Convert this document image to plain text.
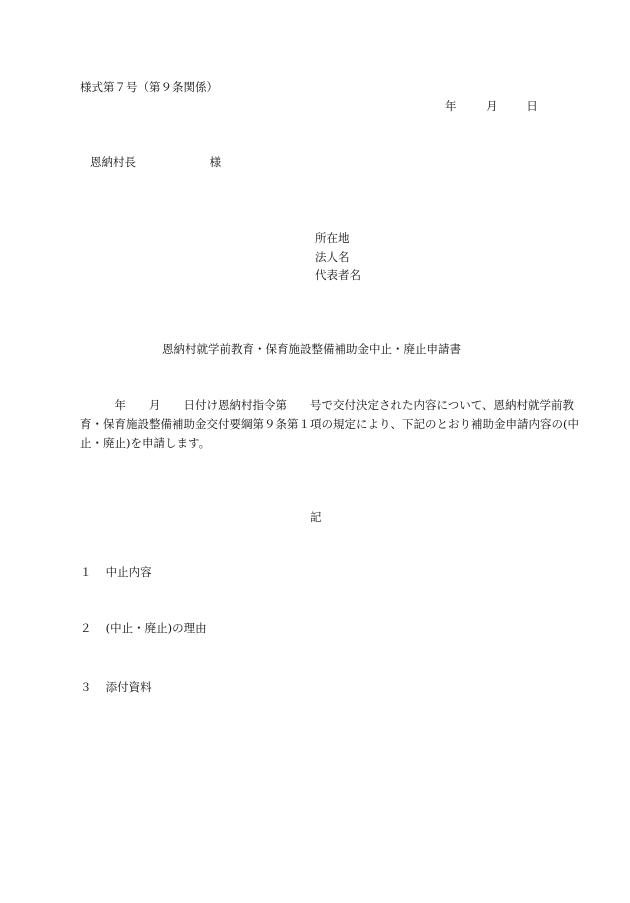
様式第７号（第９条関係）
年	月 日
恩納村長	様
所在地
法人名
代表者名
恩納村就学前教育・保育施設整備補助金中止・廃止申請書
　　　年　　月　　日付け恩納村指令第　　号で交付決定された内容について、恩納村就学前教育・保育施設整備補助金交付要綱第９条第１項の規定により、下記のとおり補助金申請内容の(中止・廃止)を申請します。
記
１ 中止内容
２ (中止・廃止)の理由
３ 添付資料
